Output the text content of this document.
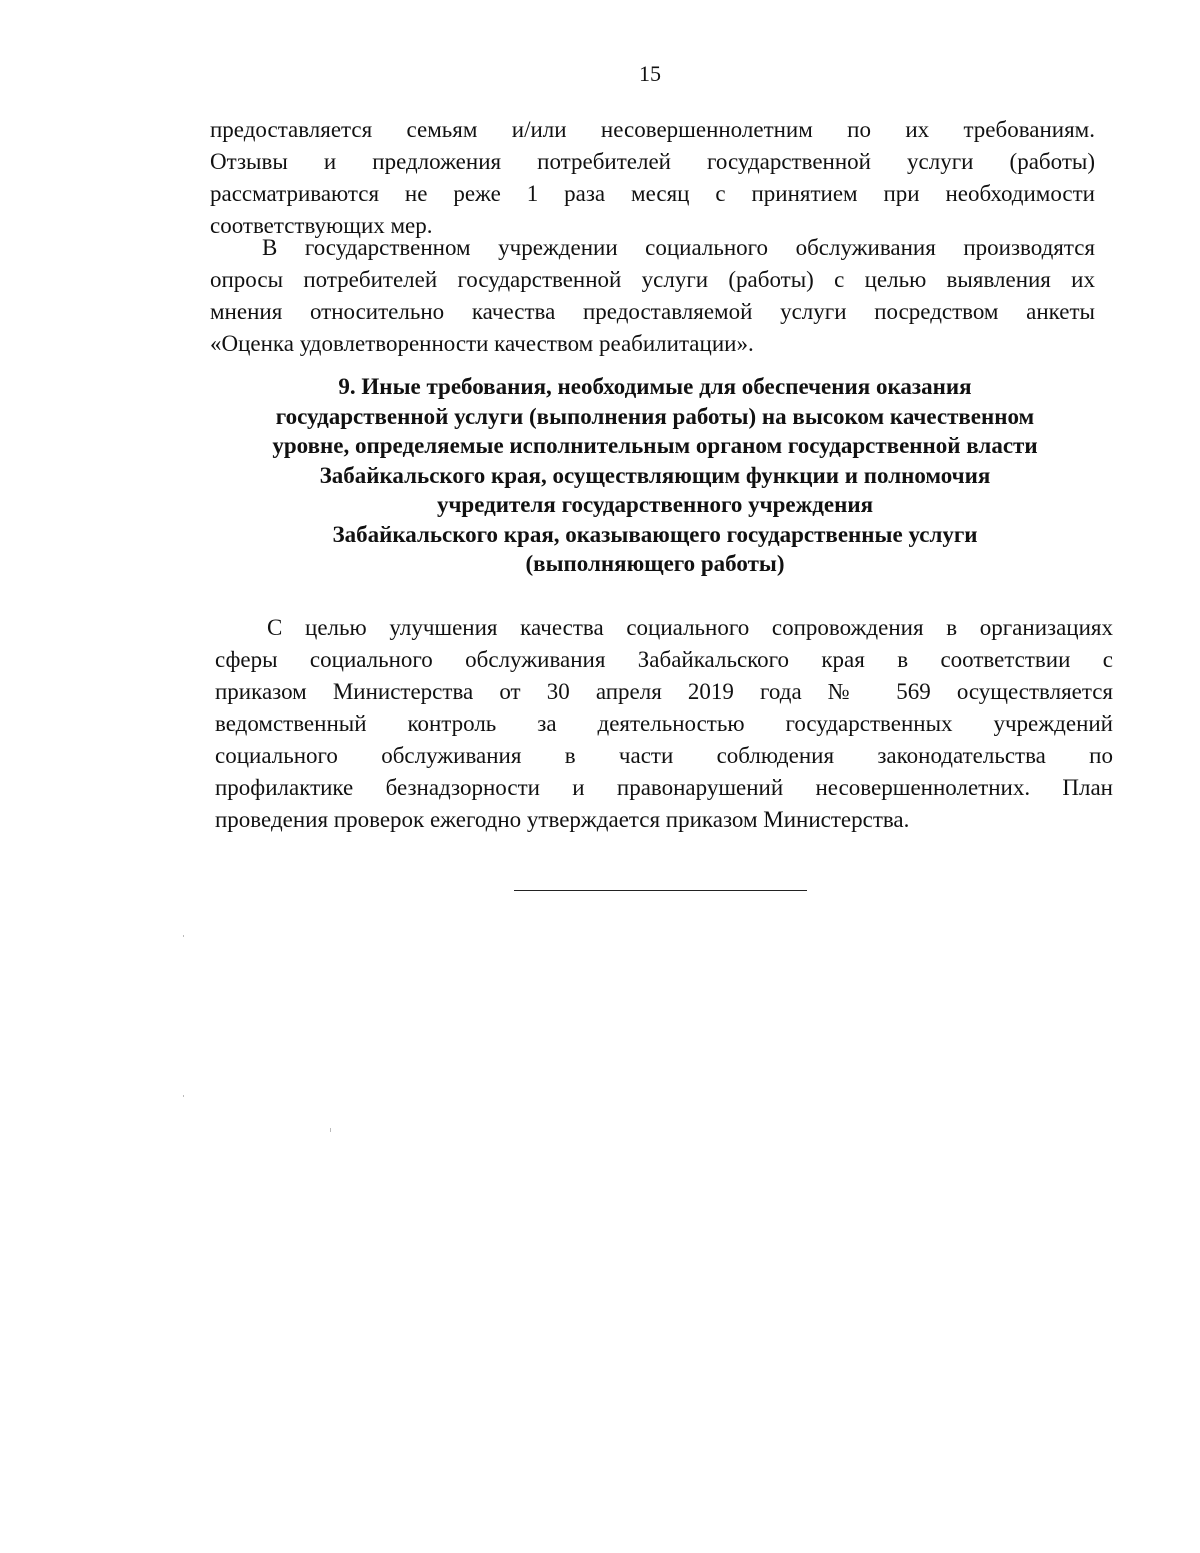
15
предоставляется семьям и/или несовершеннолетним по их требованиям.
Отзывы и предложения потребителей государственной услуги (работы)
рассматриваются не реже 1 раза месяц с принятием при необходимости
соответствующих мер.
В государственном учреждении социального обслуживания производятся
опросы потребителей государственной услуги (работы) с целью выявления их
мнения относительно качества предоставляемой услуги посредством анкеты
«Оценка удовлетворенности качеством реабилитации».
9. Иные требования, необходимые для обеспечения оказания
государственной услуги (выполнения работы) на высоком качественном
уровне, определяемые исполнительным органом государственной власти
Забайкальского края, осуществляющим функции и полномочия
учредителя государственного учреждения
Забайкальского края, оказывающего государственные услуги
(выполняющего работы)
С целью улучшения качества социального сопровождения в организациях
сферы социального обслуживания Забайкальского края в соответствии с
приказом Министерства от 30 апреля 2019 года № 569 осуществляется
ведомственный контроль за деятельностью государственных учреждений
социального обслуживания в части соблюдения законодательства по
профилактике безнадзорности и правонарушений несовершеннолетних. План
проведения проверок ежегодно утверждается приказом Министерства.
